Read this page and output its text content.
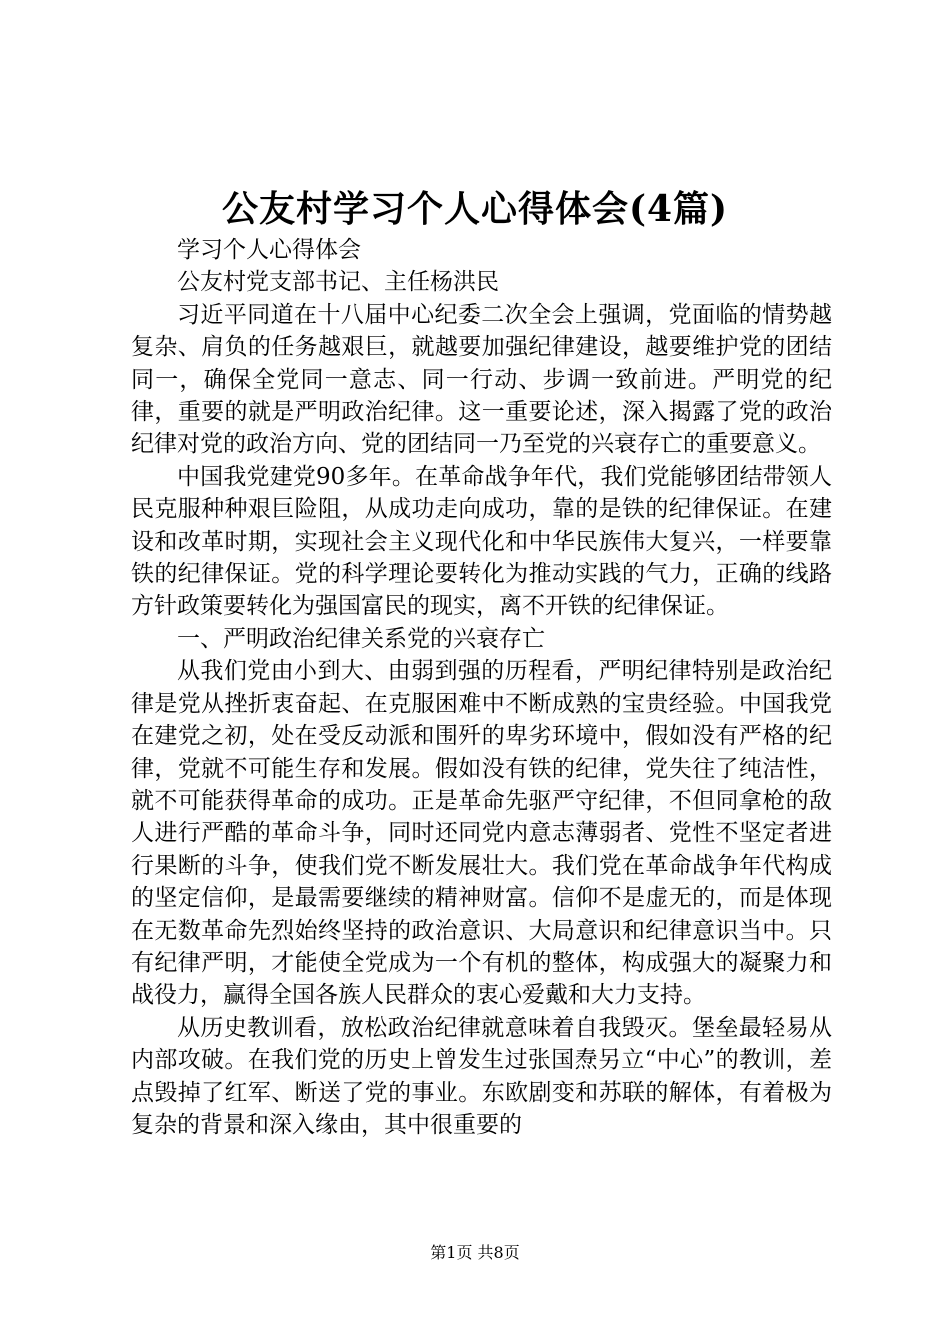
公友村学习个人心得体会(4篇)

学习个人心得体会

公友村党支部书记、主任杨洪民

习近平同道在十八届中心纪委二次全会上强调，党面临的情势越复杂、肩负的任务越艰巨，就越要加强纪律建设，越要维护党的团结同一，确保全党同一意志、同一行动、步调一致前进。严明党的纪律，重要的就是严明政治纪律。这一重要论述，深入揭露了党的政治纪律对党的政治方向、党的团结同一乃至党的兴衰存亡的重要意义。

中国我党建党90多年。在革命战争年代，我们党能够团结带领人民克服种种艰巨险阻，从成功走向成功，靠的是铁的纪律保证。在建设和改革时期，实现社会主义现代化和中华民族伟大复兴，一样要靠铁的纪律保证。党的科学理论要转化为推动实践的气力，正确的线路方针政策要转化为强国富民的现实，离不开铁的纪律保证。

一、严明政治纪律关系党的兴衰存亡

从我们党由小到大、由弱到强的历程看，严明纪律特别是政治纪律是党从挫折衷奋起、在克服困难中不断成熟的宝贵经验。中国我党在建党之初，处在受反动派和围歼的卑劣环境中，假如没有严格的纪律，党就不可能生存和发展。假如没有铁的纪律，党失往了纯洁性，就不可能获得革命的成功。正是革命先驱严守纪律，不但同拿枪的敌人进行严酷的革命斗争，同时还同党内意志薄弱者、党性不坚定者进行果断的斗争，使我们党不断发展壮大。我们党在革命战争年代构成的坚定信仰，是最需要继续的精神财富。信仰不是虚无的，而是体现在无数革命先烈始终坚持的政治意识、大局意识和纪律意识当中。只有纪律严明，才能使全党成为一个有机的整体，构成强大的凝聚力和战役力，赢得全国各族人民群众的衷心爱戴和大力支持。

从历史教训看，放松政治纪律就意味着自我毁灭。堡垒最轻易从内部攻破。在我们党的历史上曾发生过张国焘另立“中心”的教训，差点毁掉了红军、断送了党的事业。东欧剧变和苏联的解体，有着极为复杂的背景和深入缘由，其中很重要的

第1页 共8页
